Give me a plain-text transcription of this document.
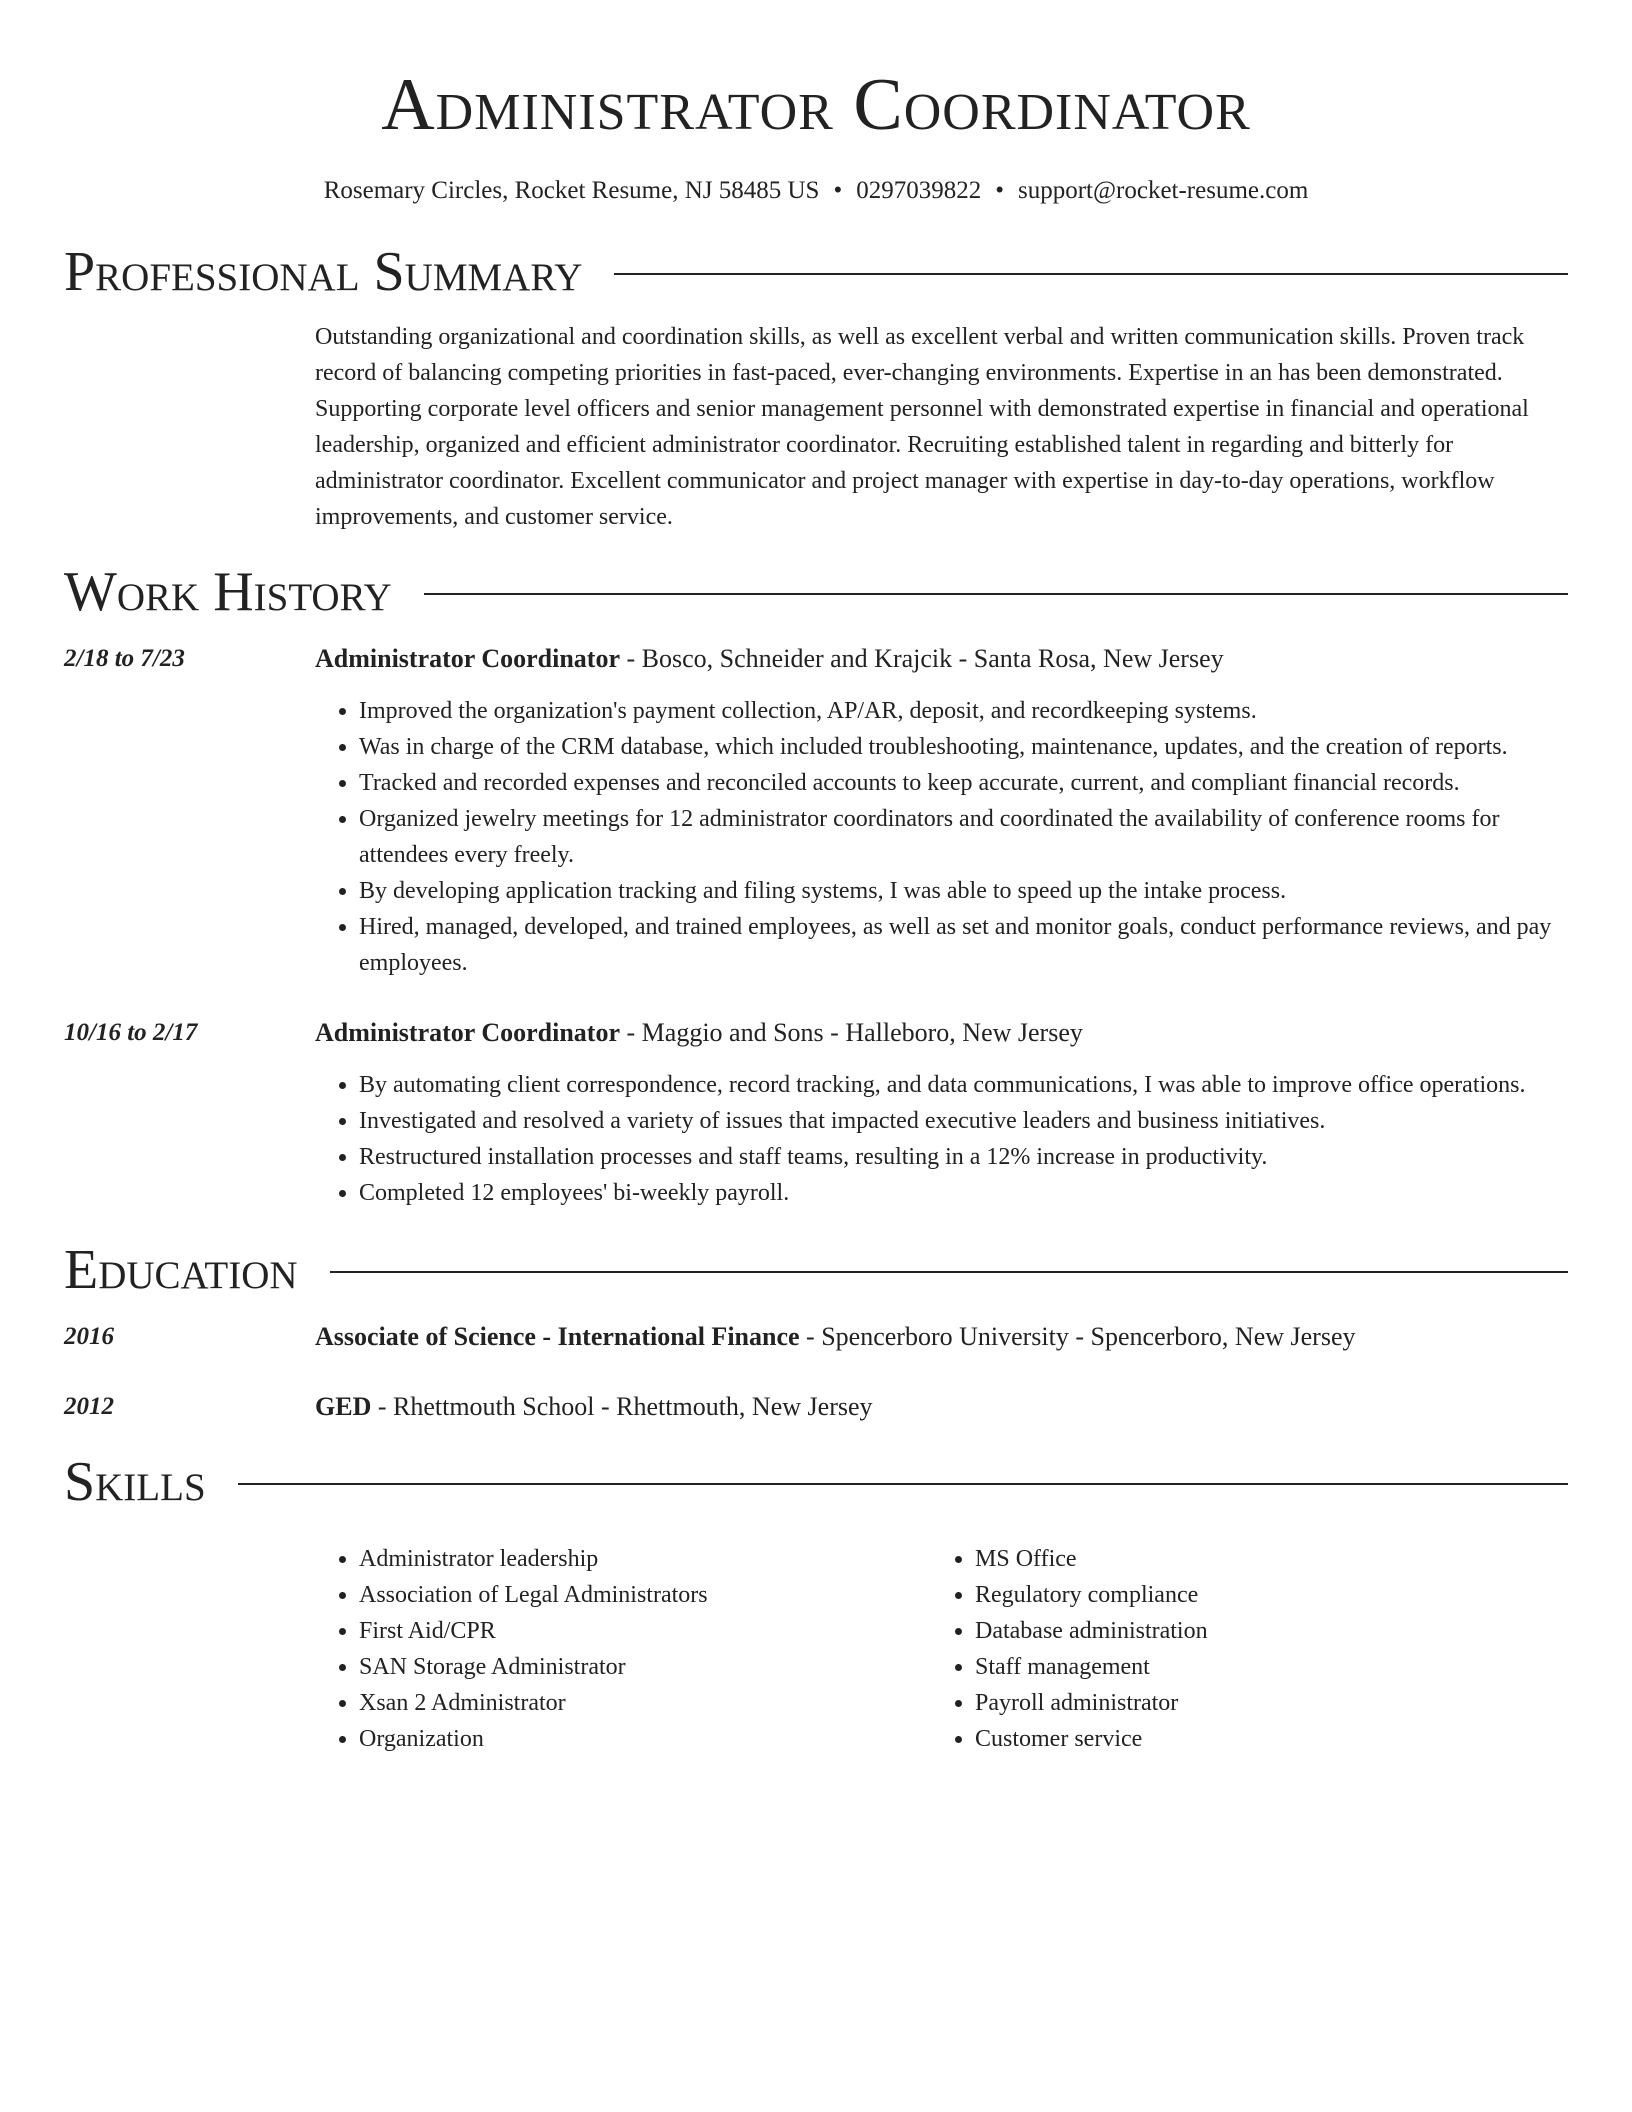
Administrator Coordinator
Rosemary Circles, Rocket Resume, NJ 58485 US • 0297039822 • support@rocket-resume.com
Professional Summary
Outstanding organizational and coordination skills, as well as excellent verbal and written communication skills. Proven track record of balancing competing priorities in fast-paced, ever-changing environments. Expertise in an has been demonstrated. Supporting corporate level officers and senior management personnel with demonstrated expertise in financial and operational leadership, organized and efficient administrator coordinator. Recruiting established talent in regarding and bitterly for administrator coordinator. Excellent communicator and project manager with expertise in day-to-day operations, workflow improvements, and customer service.
Work History
2/18 to 7/23	Administrator Coordinator - Bosco, Schneider and Krajcik - Santa Rosa, New Jersey
• Improved the organization's payment collection, AP/AR, deposit, and recordkeeping systems.
• Was in charge of the CRM database, which included troubleshooting, maintenance, updates, and the creation of reports.
• Tracked and recorded expenses and reconciled accounts to keep accurate, current, and compliant financial records.
• Organized jewelry meetings for 12 administrator coordinators and coordinated the availability of conference rooms for attendees every freely.
• By developing application tracking and filing systems, I was able to speed up the intake process.
• Hired, managed, developed, and trained employees, as well as set and monitor goals, conduct performance reviews, and pay employees.
10/16 to 2/17	Administrator Coordinator - Maggio and Sons - Halleboro, New Jersey
• By automating client correspondence, record tracking, and data communications, I was able to improve office operations.
• Investigated and resolved a variety of issues that impacted executive leaders and business initiatives.
• Restructured installation processes and staff teams, resulting in a 12% increase in productivity.
• Completed 12 employees' bi-weekly payroll.
Education
2016	Associate of Science - International Finance - Spencerboro University - Spencerboro, New Jersey
2012	GED - Rhettmouth School - Rhettmouth, New Jersey
Skills
• Administrator leadership
• Association of Legal Administrators
• First Aid/CPR
• SAN Storage Administrator
• Xsan 2 Administrator
• Organization
• MS Office
• Regulatory compliance
• Database administration
• Staff management
• Payroll administrator
• Customer service
